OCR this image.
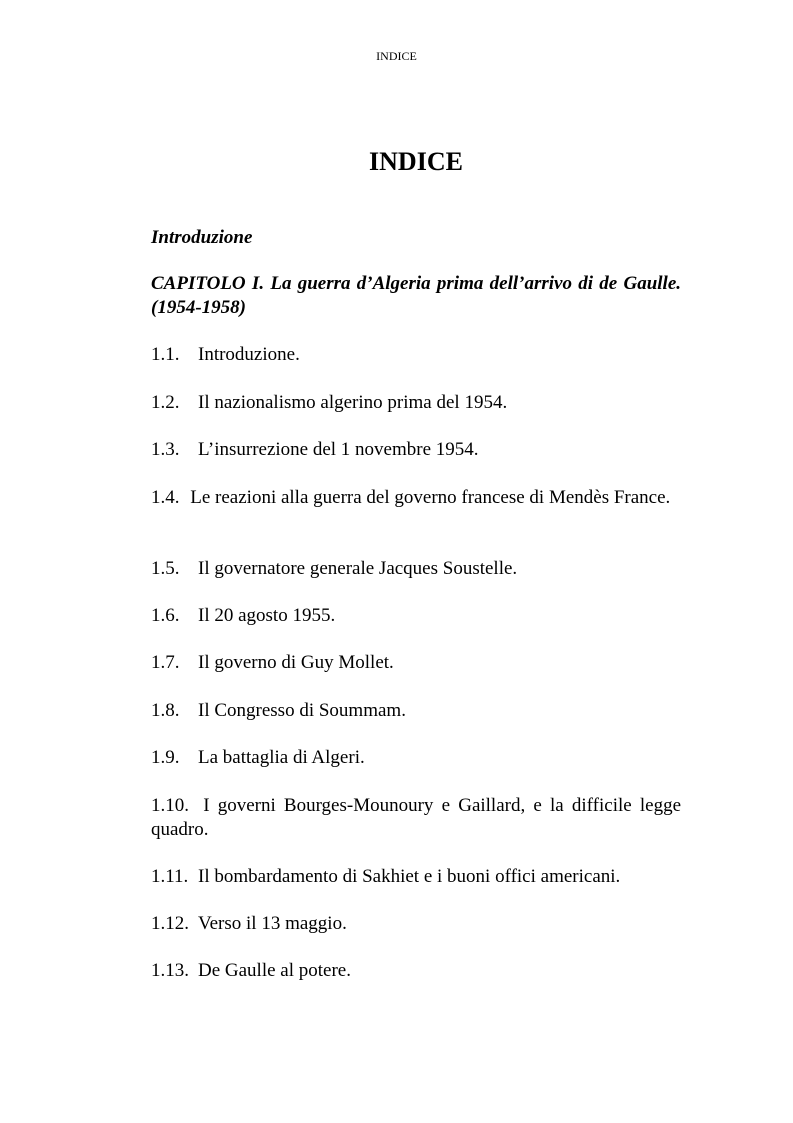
INDICE
INDICE
Introduzione
CAPITOLO I. La guerra d’Algeria prima dell’arrivo di de Gaulle. (1954-1958)
1.1. Introduzione.
1.2. Il nazionalismo algerino prima del 1954.
1.3. L’insurrezione del 1 novembre 1954.
1.4. Le reazioni alla guerra del governo francese di Mendès France.
1.5. Il governatore generale Jacques Soustelle.
1.6. Il 20 agosto 1955.
1.7. Il governo di Guy Mollet.
1.8. Il Congresso di Soummam.
1.9. La battaglia di Algeri.
1.10. I governi Bourges-Mounoury e Gaillard, e la difficile legge quadro.
1.11. Il bombardamento di Sakhiet e i buoni offici americani.
1.12. Verso il 13 maggio.
1.13. De Gaulle al potere.
